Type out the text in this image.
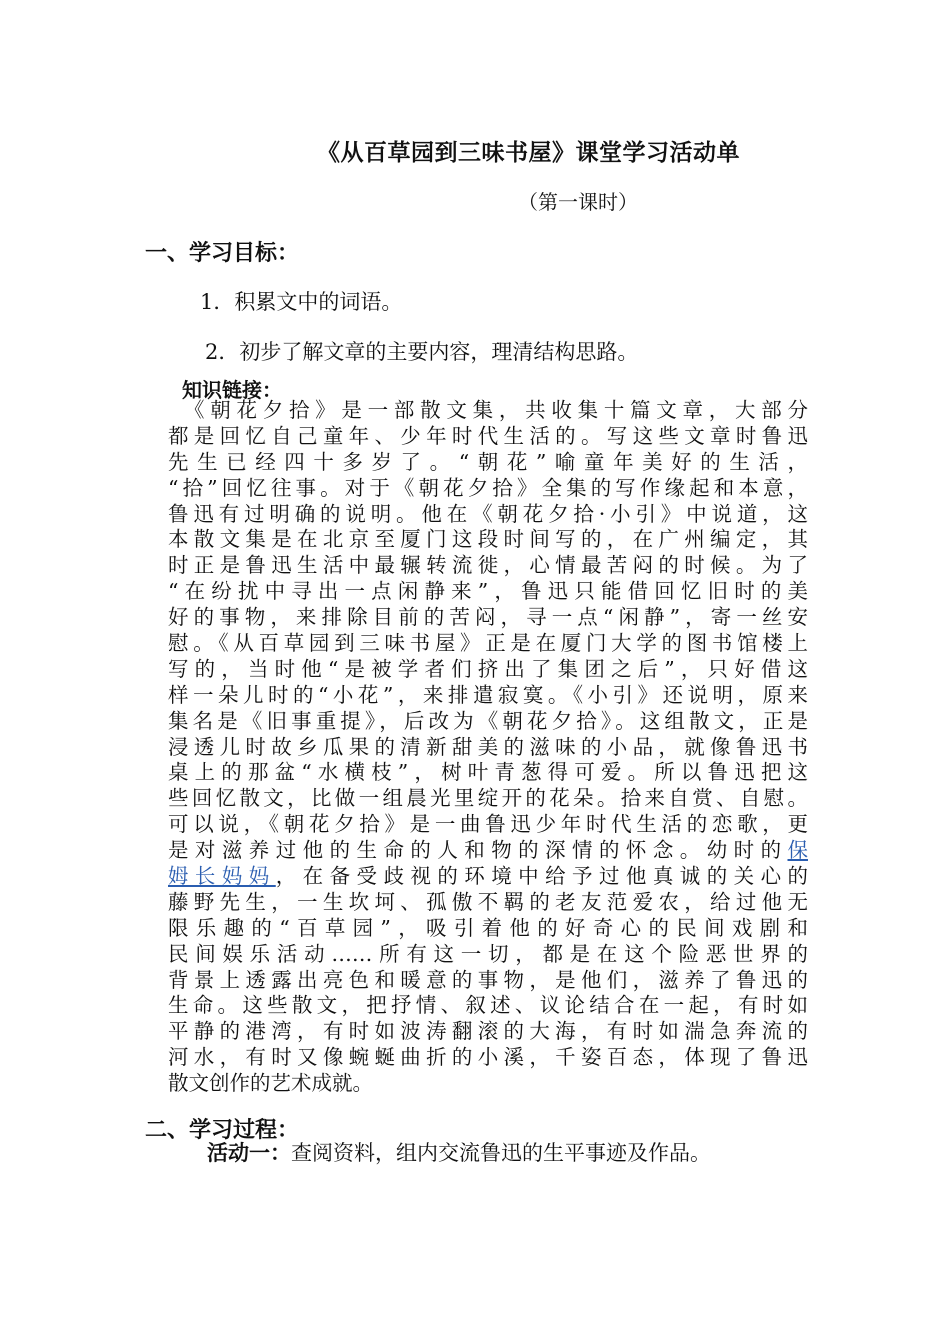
《从百草园到三味书屋》课堂学习活动单
（第一课时）
一、学习目标：
1．积累文中的词语。
2．初步了解文章的主要内容，理清结构思路。
知识链接：
　《朝花夕拾》是一部散文集，共收集十篇文章，大部分
都是回忆自己童年、少年时代生活的。写这些文章时鲁迅
先生已经四十多岁了。“朝花”喻童年美好的生活，
“拾”回忆往事。对于《朝花夕拾》全集的写作缘起和本意，
鲁迅有过明确的说明。他在《朝花夕拾·小引》中说道，这
本散文集是在北京至厦门这段时间写的，在广州编定，其
时正是鲁迅生活中最辗转流徙，心情最苦闷的时候。为了
“在纷扰中寻出一点闲静来”，鲁迅只能借回忆旧时的美
好的事物，来排除目前的苦闷，寻一点“闲静”，寄一丝安
慰。《从百草园到三味书屋》正是在厦门大学的图书馆楼上
写的，当时他“是被学者们挤出了集团之后”，只好借这
样一朵儿时的“小花”，来排遣寂寞。《小引》还说明，原来
集名是《旧事重提》，后改为《朝花夕拾》。这组散文，正是
浸透儿时故乡瓜果的清新甜美的滋味的小品，就像鲁迅书
桌上的那盆“水横枝”，树叶青葱得可爱。所以鲁迅把这
些回忆散文，比做一组晨光里绽开的花朵。拾来自赏、自慰。
可以说，《朝花夕拾》是一曲鲁迅少年时代生活的恋歌，更
是对滋养过他的生命的人和物的深情的怀念。幼时的保
姆长妈妈，在备受歧视的环境中给予过他真诚的关心的
藤野先生，一生坎坷、孤傲不羁的老友范爱农，给过他无
限乐趣的“百草园”，吸引着他的好奇心的民间戏剧和
民间娱乐活动……所有这一切，都是在这个险恶世界的
背景上透露出亮色和暖意的事物，是他们，滋养了鲁迅的
生命。这些散文，把抒情、叙述、议论结合在一起，有时如
平静的港湾，有时如波涛翻滚的大海，有时如湍急奔流的
河水，有时又像蜿蜒曲折的小溪，千姿百态，体现了鲁迅
散文创作的艺术成就。
二、学习过程：
活动一：查阅资料，组内交流鲁迅的生平事迹及作品。
